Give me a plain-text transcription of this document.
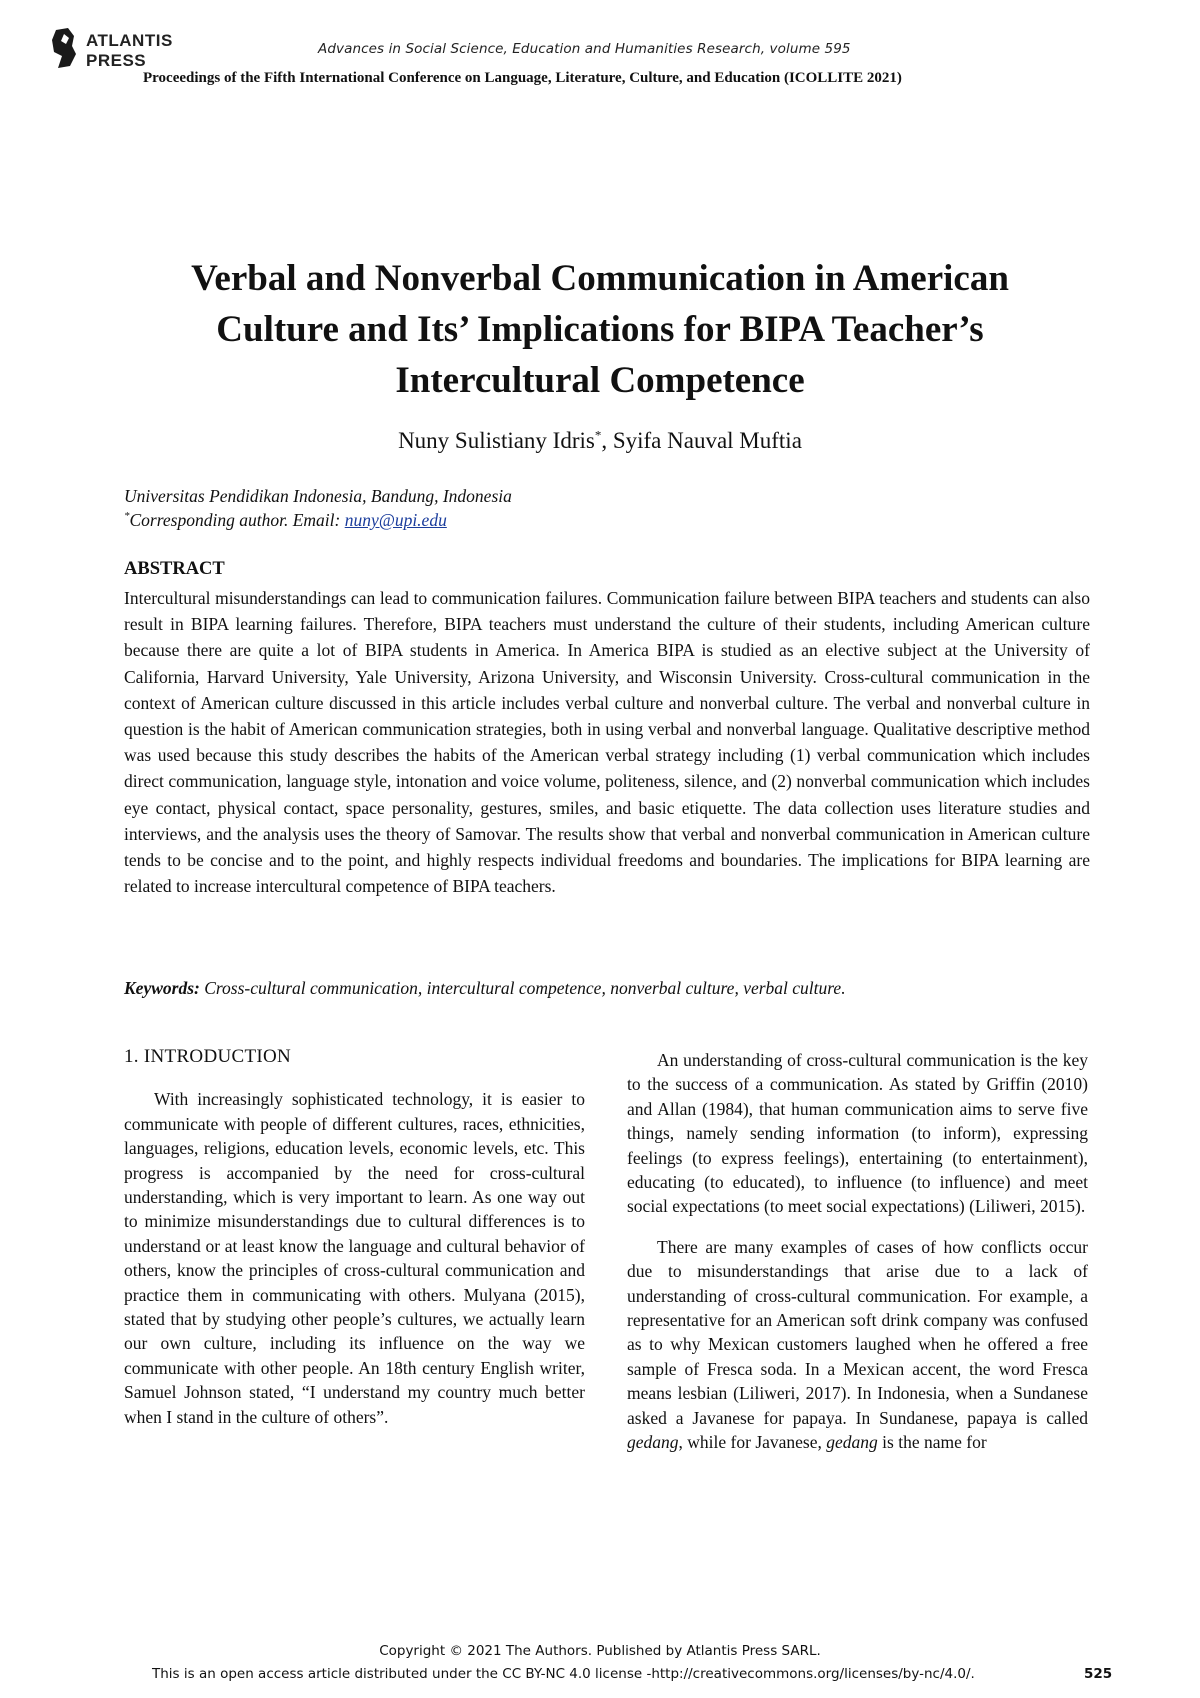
ATLANTIS
PRESS
Advances in Social Science, Education and Humanities Research, volume 595
Proceedings of the Fifth International Conference on Language, Literature, Culture, and Education (ICOLLITE 2021)
Verbal and Nonverbal Communication in American
Culture and Its’ Implications for BIPA Teacher’s
Intercultural Competence
Nuny Sulistiany Idris*, Syifa Nauval Muftia
Universitas Pendidikan Indonesia, Bandung, Indonesia
*Corresponding author. Email: nuny@upi.edu
ABSTRACT

Intercultural misunderstandings can lead to communication failures. Communication failure between BIPA teachers and students can also result in BIPA learning failures. Therefore, BIPA teachers must understand the culture of their students, including American culture because there are quite a lot of BIPA students in America. In America BIPA is studied as an elective subject at the University of California, Harvard University, Yale University, Arizona University, and Wisconsin University. Cross-cultural communication in the context of American culture discussed in this article includes verbal culture and nonverbal culture. The verbal and nonverbal culture in question is the habit of American communication strategies, both in using verbal and nonverbal language. Qualitative descriptive method was used because this study describes the habits of the American verbal strategy including (1) verbal communication which includes direct communication, language style, intonation and voice volume, politeness, silence, and (2) nonverbal communication which includes eye contact, physical contact, space personality, gestures, smiles, and basic etiquette. The data collection uses literature studies and interviews, and the analysis uses the theory of Samovar. The results show that verbal and nonverbal communication in American culture tends to be concise and to the point, and highly respects individual freedoms and boundaries. The implications for BIPA learning are related to increase intercultural competence of BIPA teachers.

Keywords: Cross-cultural communication, intercultural competence, nonverbal culture, verbal culture.
1. INTRODUCTION

With increasingly sophisticated technology, it is easier to communicate with people of different cultures, races, ethnicities, languages, religions, education levels, economic levels, etc. This progress is accompanied by the need for cross-cultural understanding, which is very important to learn. As one way out to minimize misunderstandings due to cultural differences is to understand or at least know the language and cultural behavior of others, know the principles of cross-cultural communication and practice them in communicating with others. Mulyana (2015), stated that by studying other people’s cultures, we actually learn our own culture, including its influence on the way we communicate with other people. An 18th century English writer, Samuel Johnson stated, “I understand my country much better when I stand in the culture of others”.

An understanding of cross-cultural communication is the key to the success of a communication. As stated by Griffin (2010) and Allan (1984), that human communication aims to serve five things, namely sending information (to inform), expressing feelings (to express feelings), entertaining (to entertainment), educating (to educated), to influence (to influence) and meet social expectations (to meet social expectations) (Liliweri, 2015).

There are many examples of cases of how conflicts occur due to misunderstandings that arise due to a lack of understanding of cross-cultural communication. For example, a representative for an American soft drink company was confused as to why Mexican customers laughed when he offered a free sample of Fresca soda. In a Mexican accent, the word Fresca means lesbian (Liliweri, 2017). In Indonesia, when a Sundanese asked a Javanese for papaya. In Sundanese, papaya is called gedang, while for Javanese, gedang is the name for

Copyright © 2021 The Authors. Published by Atlantis Press SARL.
This is an open access article distributed under the CC BY-NC 4.0 license -http://creativecommons.org/licenses/by-nc/4.0/.	525
